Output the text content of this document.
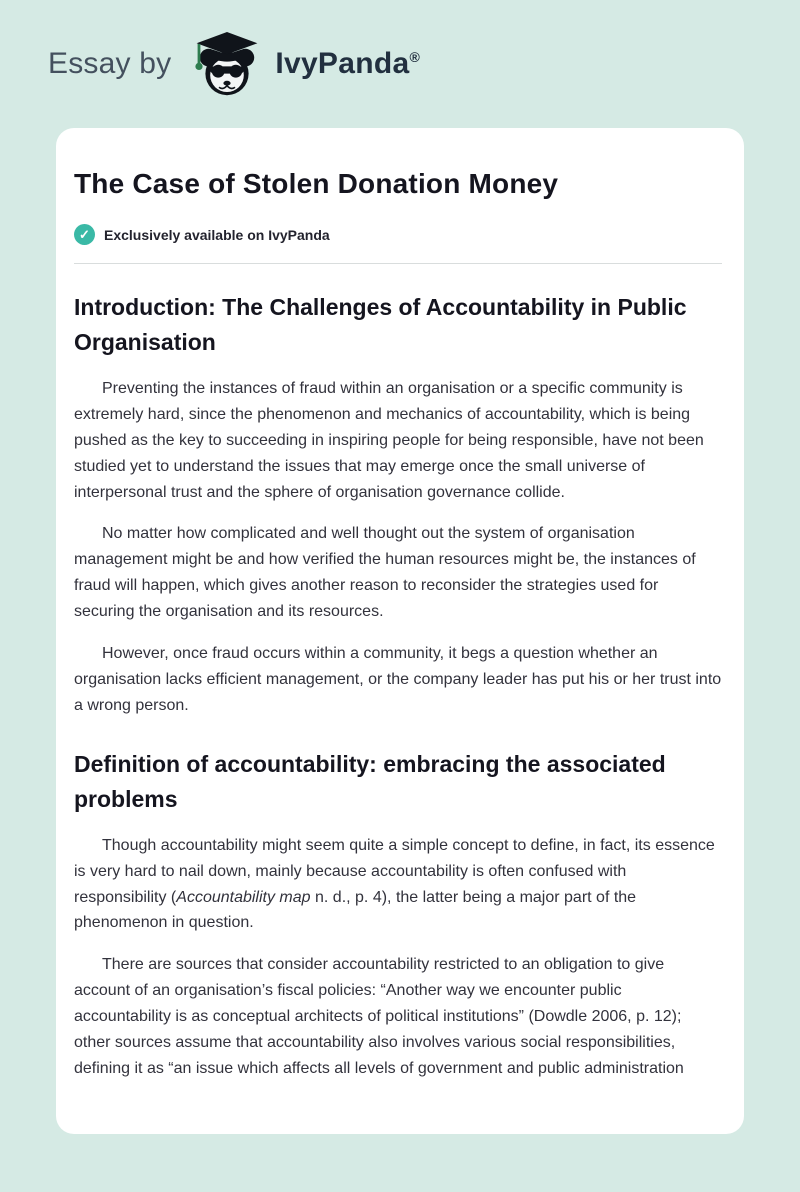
Essay by	IvyPanda®
The Case of Stolen Donation Money
✓	Exclusively available on IvyPanda
Introduction: The Challenges of Accountability in Public Organisation

Preventing the instances of fraud within an organisation or a specific community is extremely hard, since the phenomenon and mechanics of accountability, which is being pushed as the key to succeeding in inspiring people for being responsible, have not been studied yet to understand the issues that may emerge once the small universe of interpersonal trust and the sphere of organisation governance collide.

No matter how complicated and well thought out the system of organisation management might be and how verified the human resources might be, the instances of fraud will happen, which gives another reason to reconsider the strategies used for securing the organisation and its resources.

However, once fraud occurs within a community, it begs a question whether an organisation lacks efficient management, or the company leader has put his or her trust into a wrong person.

Definition of accountability: embracing the associated problems

Though accountability might seem quite a simple concept to define, in fact, its essence is very hard to nail down, mainly because accountability is often confused with responsibility (Accountability map n. d., p. 4), the latter being a major part of the phenomenon in question.

There are sources that consider accountability restricted to an obligation to give account of an organisation’s fiscal policies: “Another way we encounter public accountability is as conceptual architects of political institutions” (Dowdle 2006, p. 12); other sources assume that accountability also involves various social responsibilities, defining it as “an issue which affects all levels of government and public administration
